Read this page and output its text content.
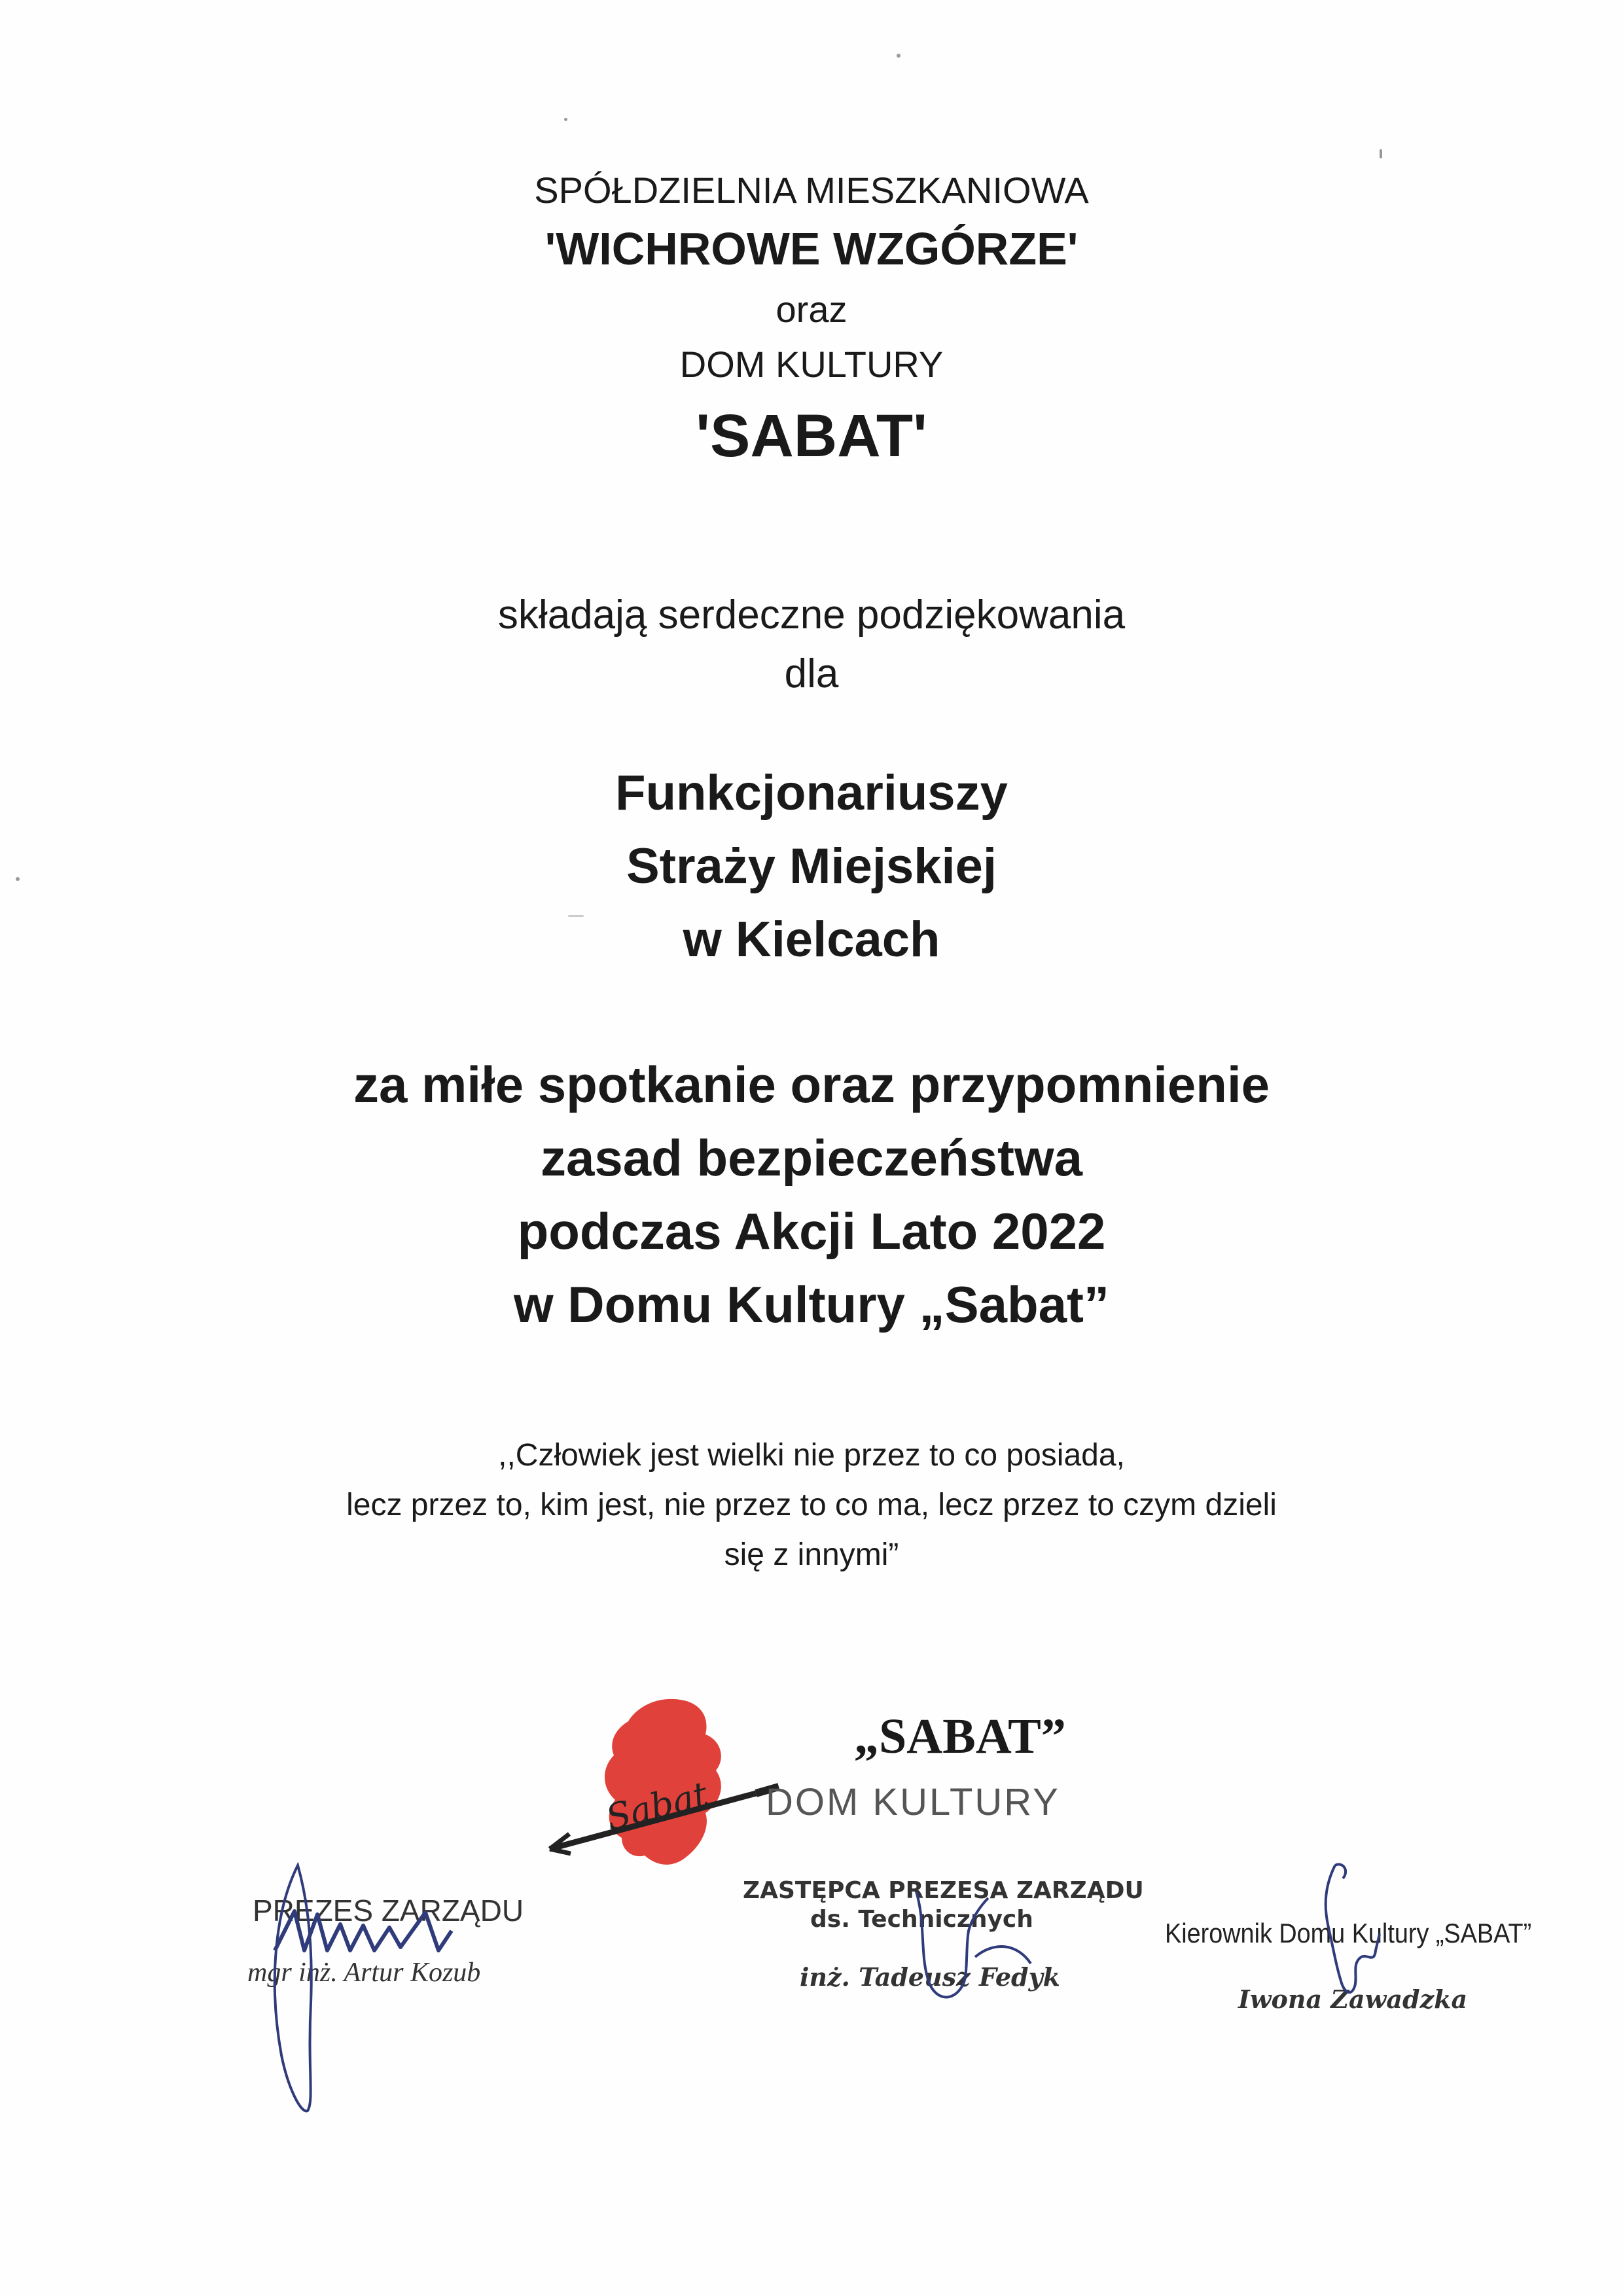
SPÓŁDZIELNIA MIESZKANIOWA
'WICHROWE WZGÓRZE'
oraz
DOM KULTURY
'SABAT'
składają serdeczne podziękowania
dla
Funkcjonariuszy
Straży Miejskiej
w Kielcach
za miłe spotkanie oraz przypomnienie
zasad bezpieczeństwa
podczas Akcji Lato 2022
w Domu Kultury „Sabat”
,,Człowiek jest wielki nie przez to co posiada,
lecz przez to, kim jest, nie przez to co ma, lecz przez to czym dzieli
się z innymi”
Sabat
„SABAT”
DOM KULTURY
PREZES ZARZĄDU
mgr inż. Artur Kozub
ZASTĘPCA PREZESA ZARZĄDU
ds. Technicznych
inż. Tadeusz Fedyk
Kierownik Domu Kultury „SABAT”
Iwona Zawadzka
